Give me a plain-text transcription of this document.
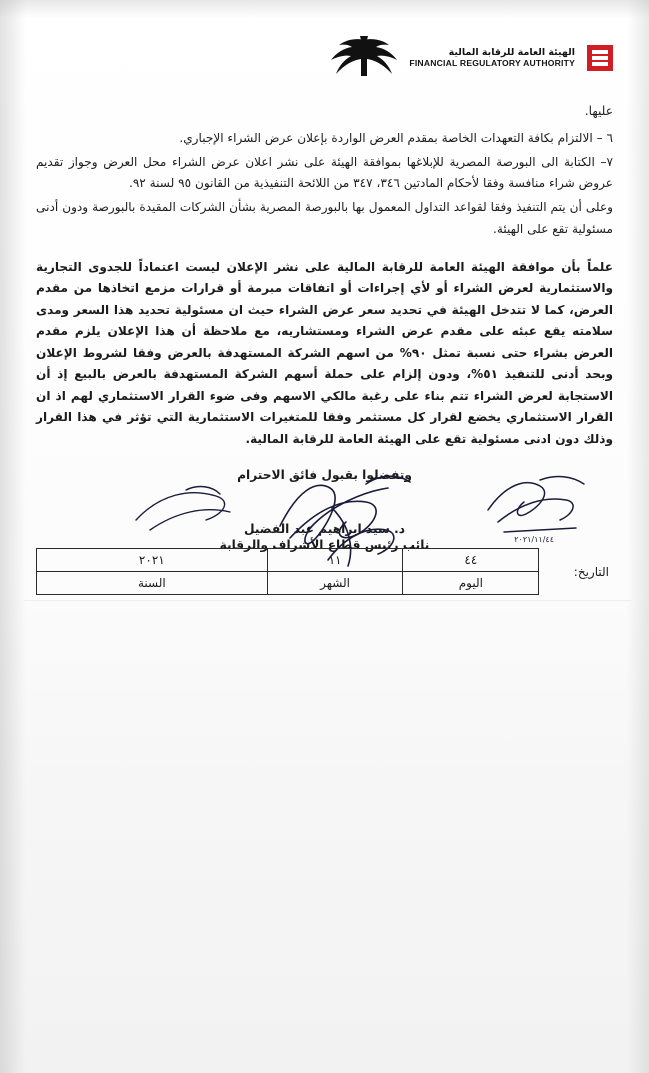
الهيئة العامة للرقابة المالية
FINANCIAL REGULATORY AUTHORITY

عليها.

٦ – الالتزام بكافة التعهدات الخاصة بمقدم العرض الواردة بإعلان عرض الشراء الإجباري.

٧– الكتابة الى البورصة المصرية للإبلاغها بموافقة الهيئة على نشر اعلان عرض الشراء محل العرض وجواز تقديم عروض شراء منافسة وفقا لأحكام المادتين ٣٤٦، ٣٤٧ من اللائحة التنفيذية من القانون ٩٥ لسنة ٩٢.

وعلى أن يتم التنفيذ وفقا لقواعد التداول المعمول بها بالبورصة المصرية بشأن الشركات المقيدة بالبورصة ودون أدنى مسئولية تقع على الهيئة.

علماً بأن موافقة الهيئة العامة للرقابة المالية على نشر الإعلان ليست اعتماداً للجدوى التجارية والاستثمارية لعرض الشراء أو لأي إجراءات أو اتفاقات مبرمة أو قرارات مزمع اتخاذها من مقدم العرض، كما لا تتدخل الهيئة في تحديد سعر عرض الشراء حيث ان مسئولية تحديد هذا السعر ومدى سلامته يقع عبئه على مقدم عرض الشراء ومستشاريه، مع ملاحظة أن هذا الإعلان يلزم مقدم العرض بشراء حتى نسبة تمثل ٩٠% من اسهم الشركة المستهدفة بالعرض وفقا لشروط الإعلان وبحد أدنى للتنفيذ ٥١%، ودون إلزام على حملة أسهم الشركة المستهدفة بالعرض بالبيع إذ أن الاستجابة لعرض الشراء تتم بناء على رغبة مالكي الاسهم وفى ضوء القرار الاستثماري لهم اذ ان القرار الاستثماري يخضع لقرار كل مستثمر وفقا للمتغيرات الاستثمارية التي تؤثر في هذا القرار وذلك دون ادنى مسئولية تقع على الهيئة العامة للرقابة المالية.

وتفضلوا بقبول فائق الاحترام

د. سيد ابراهيم عبد الفضيل

نائب رئيس قطاع الأشراف والرقابة	٢٠٢١/١١/٤٤
التاريخ:	٤٤	١١	٢٠٢١
	اليوم	الشهر	السنة
